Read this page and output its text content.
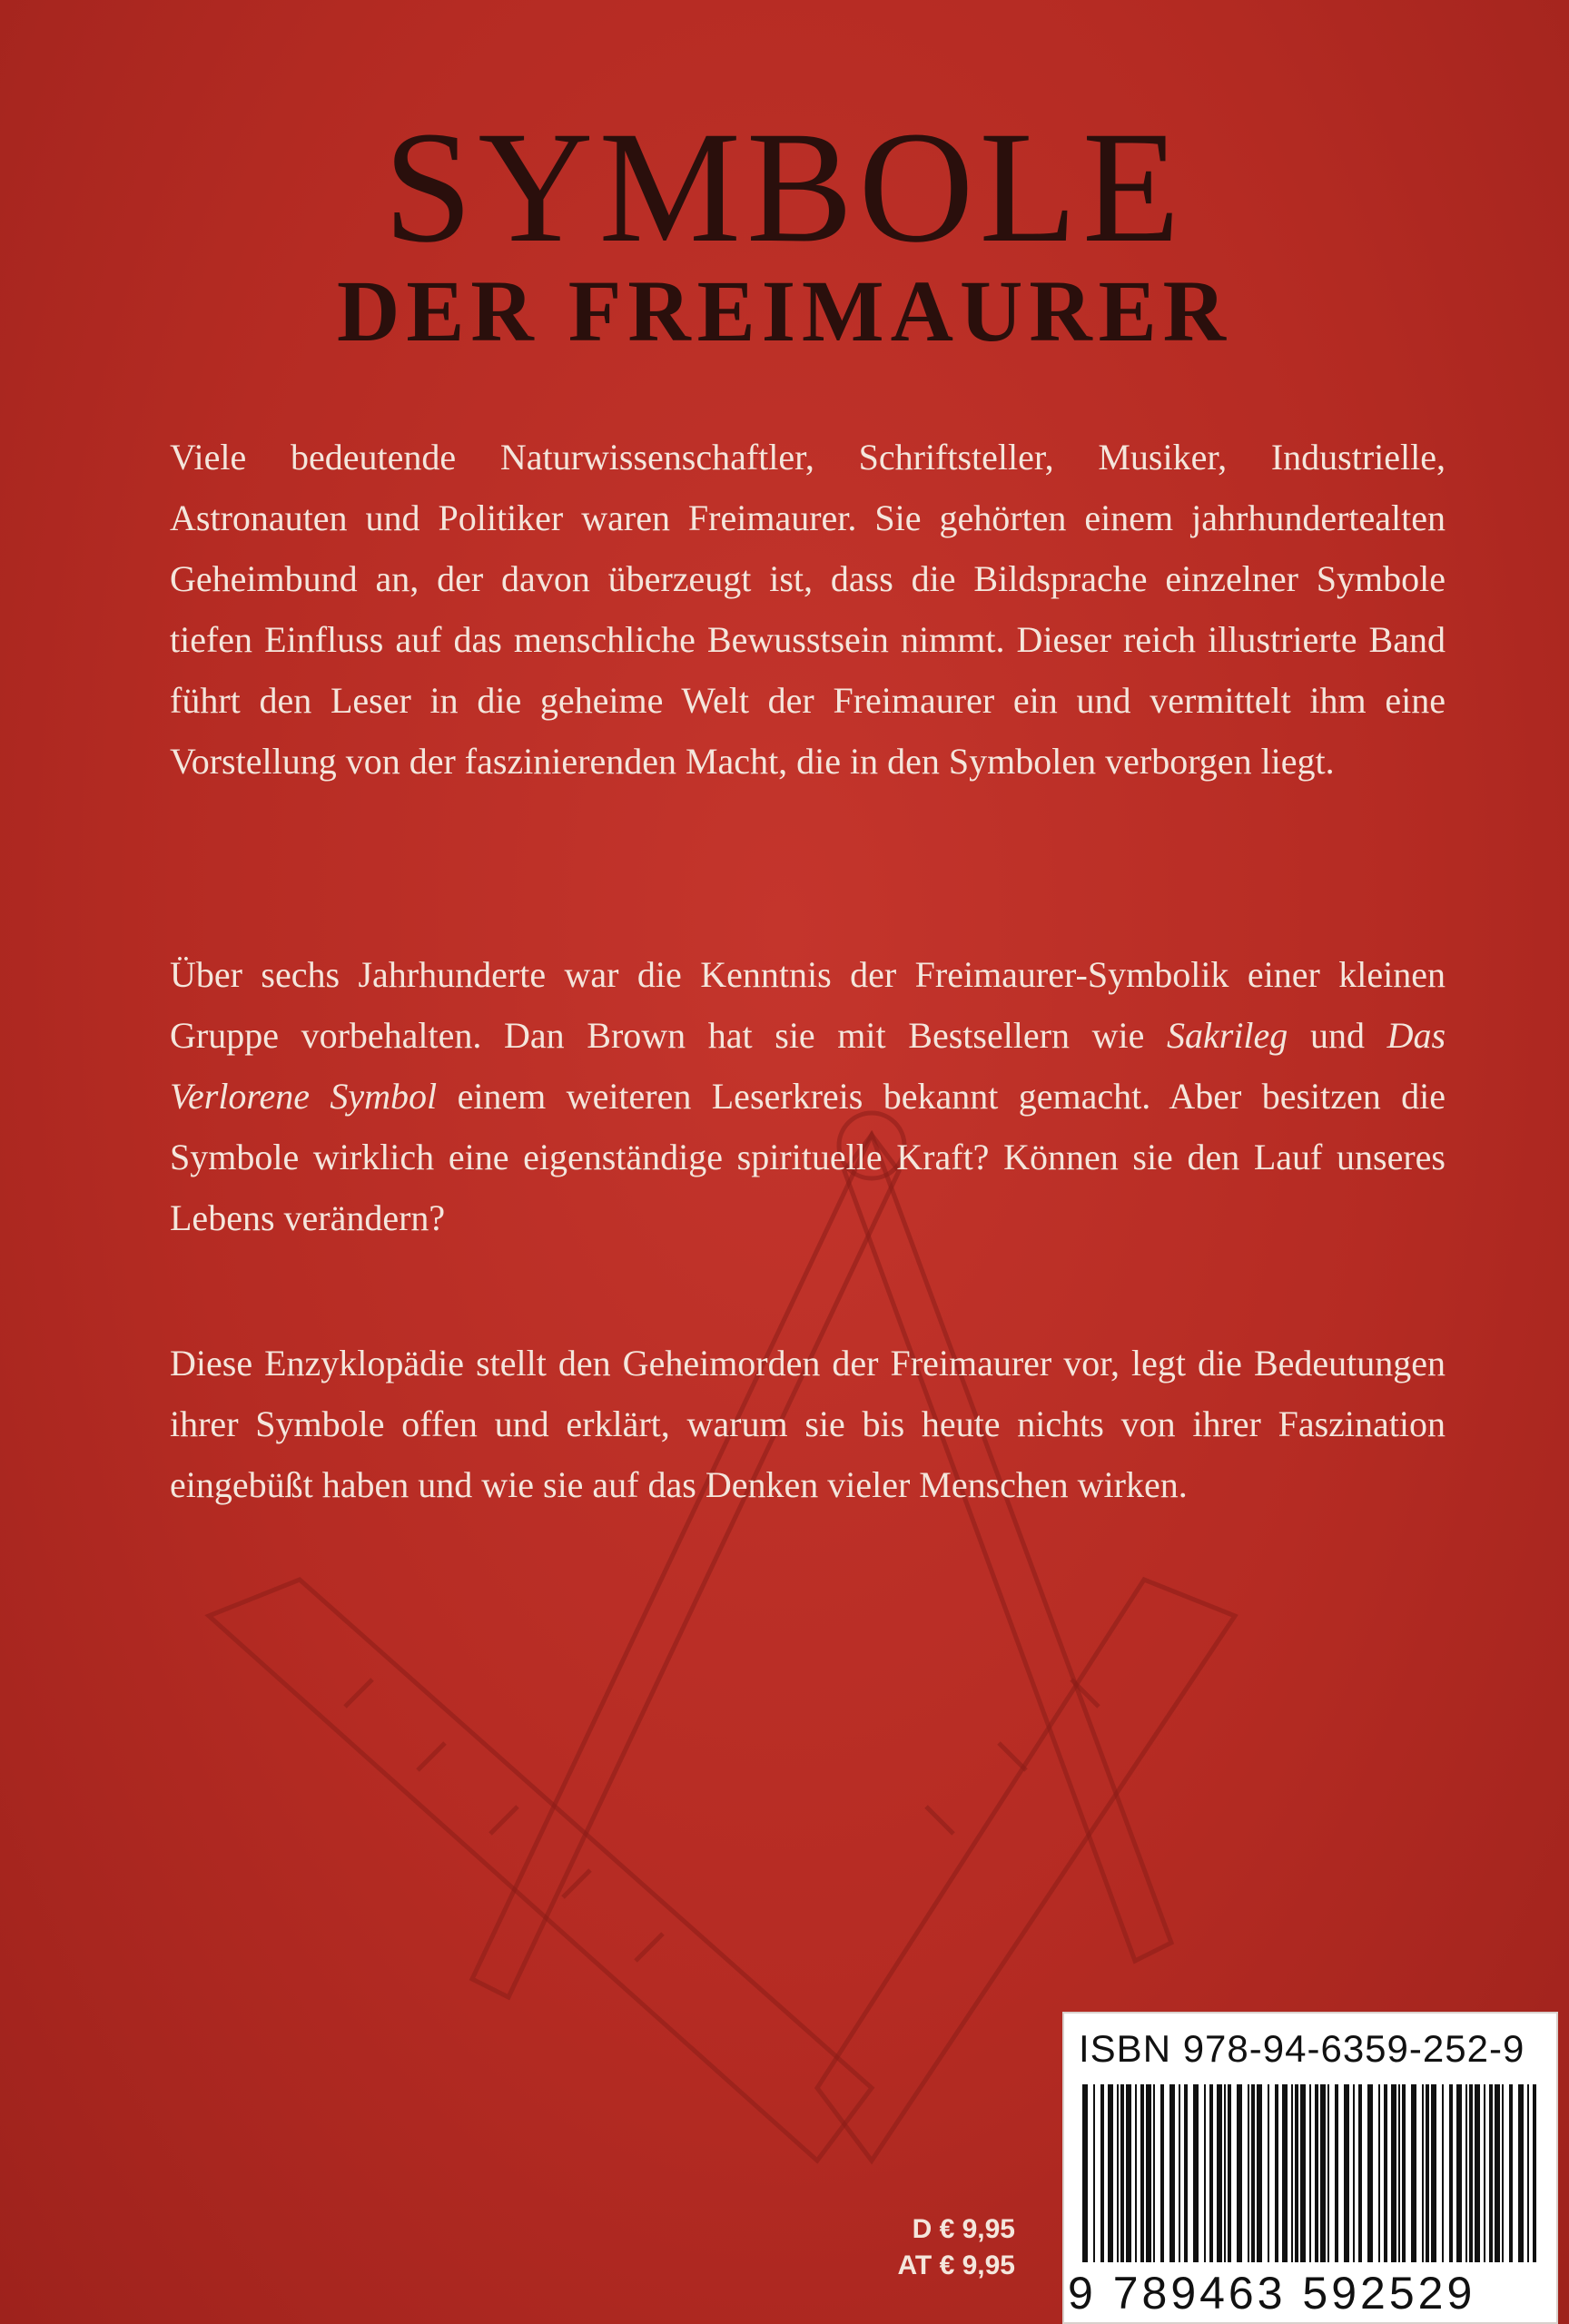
SYMBOLE
DER FREIMAURER

Viele bedeutende Naturwissenschaftler, Schriftsteller, Musiker, Industrielle, Astronauten und Politiker waren Freimaurer. Sie gehörten einem jahrhundertealten Geheimbund an, der davon überzeugt ist, dass die Bildsprache einzelner Symbole tiefen Einfluss auf das menschliche Bewusstsein nimmt. Dieser reich illustrierte Band führt den Leser in die geheime Welt der Freimaurer ein und vermittelt ihm eine Vorstellung von der faszinierenden Macht, die in den Symbolen verborgen liegt.

Über sechs Jahrhunderte war die Kenntnis der Freimaurer-Symbolik einer kleinen Gruppe vorbehalten. Dan Brown hat sie mit Bestsellern wie Sakrileg und Das Verlorene Symbol einem weiteren Leserkreis bekannt gemacht. Aber besitzen die Symbole wirklich eine eigenständige spirituelle Kraft? Können sie den Lauf unseres Lebens verändern?

Diese Enzyklopädie stellt den Geheimorden der Freimaurer vor, legt die Bedeutungen ihrer Symbole offen und erklärt, warum sie bis heute nichts von ihrer Faszination eingebüßt haben und wie sie auf das Denken vieler Menschen wirken.

D € 9,95
AT € 9,95
ISBN 978-94-6359-252-9
9 789463 592529
